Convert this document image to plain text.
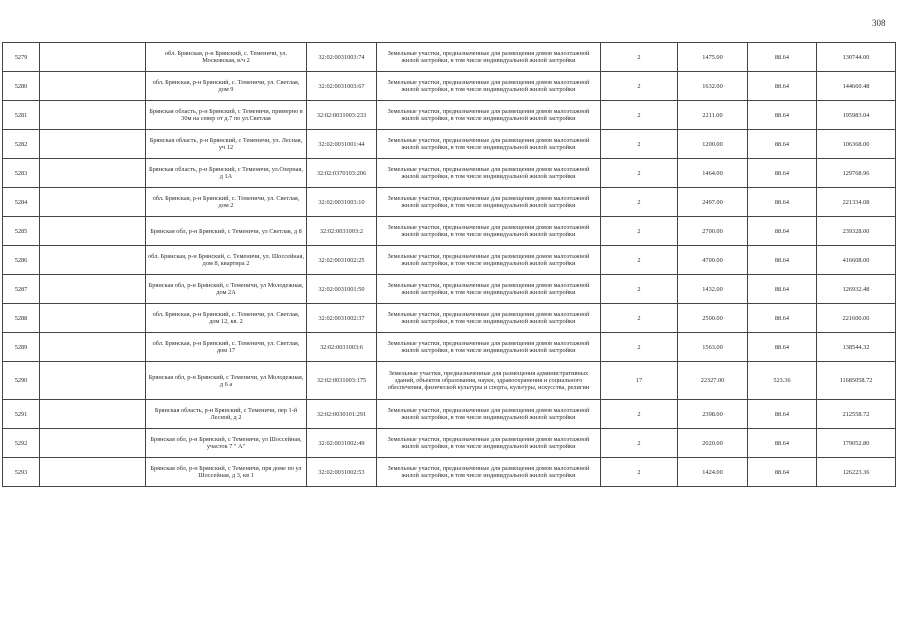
308
5279		обл. Брянская, р-н Брянский, с. Теменичи, ул. Московская, в/ч 2	32:02:0031003:74	Земельные участки, предназначенные для размещения домов малоэтажной жилой застройки, в том числе индивидуальной жилой застройки	2	1475.00	88.64	130744.00
5280		обл. Брянская, р-н Брянский, с. Теменичи, ул. Светлая, дом 9	32:02:0031003:67	Земельные участки, предназначенные для размещения домов малоэтажной жилой застройки, в том числе индивидуальной жилой застройки	2	1632.00	88.64	144660.48
5281		Брянская область, р-н Брянский, с Теменичи, примерно в 30м на север от д.7 по ул.Светлая	32:02:0031003:233	Земельные участки, предназначенные для размещения домов малоэтажной жилой застройки, в том числе индивидуальной жилой застройки	2	2211.00	88.64	195983.04
5282		Брянская область, р-н Брянский, с Теменичи, ул. Лесная, уч 12	32:02:0031001:44	Земельные участки, предназначенные для размещения домов малоэтажной жилой застройки, в том числе индивидуальной жилой застройки	2	1200.00	88.64	106368.00
5283		Брянская область, р-н Брянский, с Теменичи, ул.Озерная, д 1А	32:02:0370103:206	Земельные участки, предназначенные для размещения домов малоэтажной жилой застройки, в том числе индивидуальной жилой застройки	2	1464.00	88.64	129768.96
5284		обл. Брянская, р-н Брянский, с. Теменичи, ул. Светлая, дом 2	32:02:0031003:10	Земельные участки, предназначенные для размещения домов малоэтажной жилой застройки, в том числе индивидуальной жилой застройки	2	2497.00	88.64	221334.08
5285		Брянская обл, р-н Брянский, с Теменичи, ул Светлая, д 8	32:02:0031003:2	Земельные участки, предназначенные для размещения домов малоэтажной жилой застройки, в том числе индивидуальной жилой застройки	2	2700.00	88.64	239328.00
5286		обл. Брянская, р-н Брянский, с. Теменичи, ул. Шоссейная, дом 8, квартира 2	32:02:0031002:25	Земельные участки, предназначенные для размещения домов малоэтажной жилой застройки, в том числе индивидуальной жилой застройки	2	4700.00	88.64	416608.00
5287		Брянская обл, р-н Брянский, с Теменичи, ул Молодежная, дом 2А	32:02:0031001:50	Земельные участки, предназначенные для размещения домов малоэтажной жилой застройки, в том числе индивидуальной жилой застройки	2	1432.00	88.64	126932.48
5288		обл. Брянская, р-н Брянский, с. Теменичи, ул. Светлая, дом 12, кв. 2	32:02:0031002:37	Земельные участки, предназначенные для размещения домов малоэтажной жилой застройки, в том числе индивидуальной жилой застройки	2	2500.00	88.64	221600.00
5289		обл. Брянская, р-н Брянский, с. Теменичи, ул. Светлая, дом 17	32:02:0031003:6	Земельные участки, предназначенные для размещения домов малоэтажной жилой застройки, в том числе индивидуальной жилой застройки	2	1563.00	88.64	138544.32
5290		Брянская обл, р-н Брянский, с Теменичи, ул Молодежная, д 6 а	32:02:0031003:175	Земельные участки, предназначенные для размещения административных зданий, объектов образования, науки, здравоохранения и социального обеспечения, физической культуры и спорта, культуры, искусства, религии	17	22327.00	523.36	11685058.72
5291		Брянская область, р-н Брянский, с Теменичи, пер 1-й Лесной, д 2	32:02:0030101:291	Земельные участки, предназначенные для размещения домов малоэтажной жилой застройки, в том числе индивидуальной жилой застройки	2	2398.00	88.64	212558.72
5292		Брянская обл, р-н Брянский, с Теменичи, ул Шоссейная, участок 7 " А"	32:02:0031002:49	Земельные участки, предназначенные для размещения домов малоэтажной жилой застройки, в том числе индивидуальной жилой застройки	2	2020.00	88.64	179052.80
5293		Брянская обл, р-н Брянский, с Теменичи, пря доме по ул Шоссейная, д 3, кв 1	32:02:0031002:53	Земельные участки, предназначенные для размещения домов малоэтажной жилой застройки, в том числе индивидуальной жилой застройки	2	1424.00	88.64	126223.36
